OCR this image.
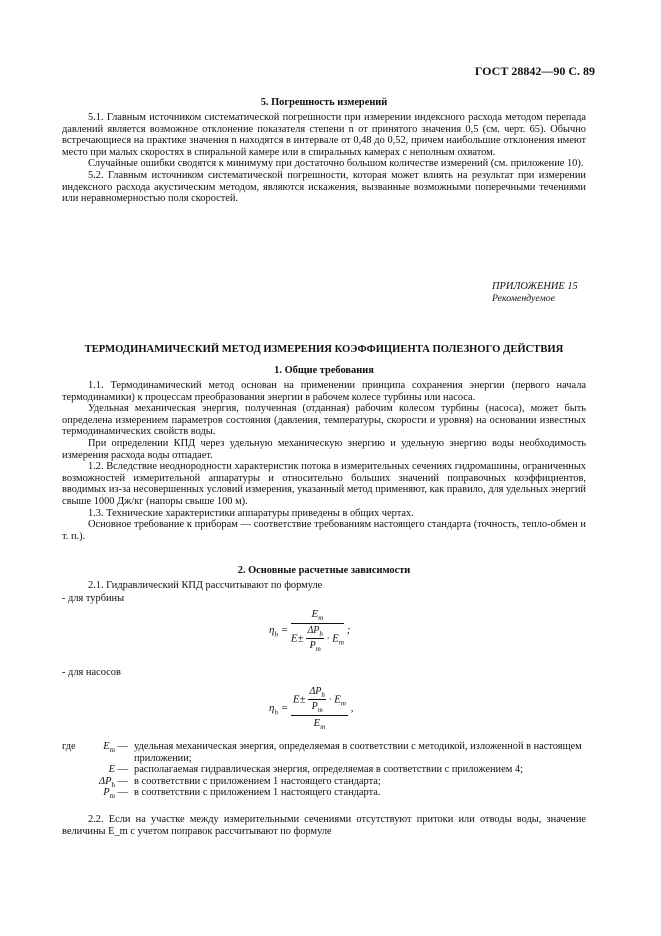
ГОСТ 28842—90 С. 89
5. Погрешность измерений

5.1. Главным источником систематической погрешности при измерении индексного расхода методом перепада давлений является возможное отклонение показателя степени n от принятого значения 0,5 (см. черт. 65). Обычно встречающиеся на практике значения n находятся в интервале от 0,48 до 0,52, причем наибольшие отклонения имеют место при малых скоростях в спиральной камере или в спиральных камерах с неполным охватом.

Случайные ошибки сводятся к минимуму при достаточно большом количестве измерений (см. приложение 10).

5.2. Главным источником систематической погрешности, которая может влиять на результат при измерении индексного расхода акустическим методом, являются искажения, вызванные возможными поперечными течениями или неравномерностью поля скоростей.

ПРИЛОЖЕНИЕ 15
Рекомендуемое
ТЕРМОДИНАМИЧЕСКИЙ МЕТОД ИЗМЕРЕНИЯ КОЭФФИЦИЕНТА ПОЛЕЗНОГО ДЕЙСТВИЯ
1. Общие требования

1.1. Термодинамический метод основан на применении принципа сохранения энергии (первого начала термодинамики) к процессам преобразования энергии в рабочем колесе турбины или насоса.

Удельная механическая энергия, полученная (отданная) рабочим колесом турбины (насоса), может быть определена измерением параметров состояния (давления, температуры, скорости и уровня) на основании известных термодинамических свойств воды.

При определении КПД через удельную механическую энергию и удельную энергию воды необходимость измерения расхода воды отпадает.

1.2. Вследствие неоднородности характеристик потока в измерительных сечениях гидромашины, ограниченных возможностей измерительной аппаратуры и относительно больших значений поправочных коэффициентов, вводимых из-за несовершенных условий измерения, указанный метод применяют, как правило, для удельных энергий свыше 1000 Дж/кг (напоры свыше 100 м).

1.3. Технические характеристики аппаратуры приведены в общих чертах.

Основное требование к приборам — соответствие требованиям настоящего стандарта (точность, тепло-обмен и т. п.).

2. Основные расчетные зависимости

2.1. Гидравлический КПД рассчитывают по формуле

- для турбины
$\eta_h = \frac{E_m}{E\pm \frac{\Delta P_h}{P_m} \cdot E_m}$ ;
- для насосов
$\eta_h = \frac{E\pm \frac{\Delta P_h}{P_m} \cdot E_m}{E_m}$ ,
где	$E_m$ — удельная механическая энергия, определяемая в соответствии с методикой, изложенной в настоящем приложении;
E — располагаемая гидравлическая энергия, определяемая в соответствии с приложением 4;
$\Delta P_h$ — в соответствии с приложением 1 настоящего стандарта;
$P_m$ — в соответствии с приложением 1 настоящего стандарта.

2.2. Если на участке между измерительными сечениями отсутствуют притоки или отводы воды, значение величины E_m с учетом поправок рассчитывают по формуле
